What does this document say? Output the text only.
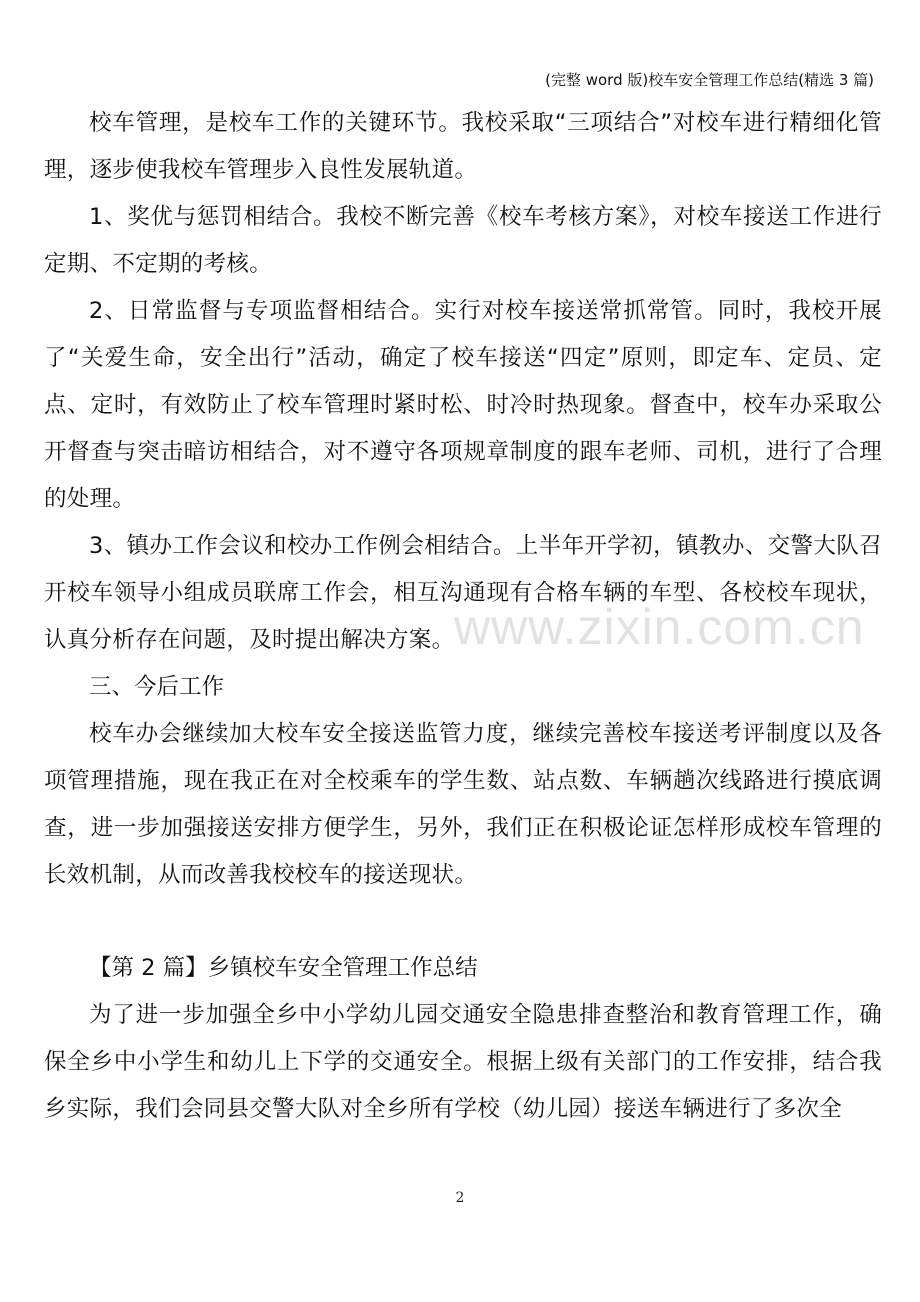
(完整 word 版)校车安全管理工作总结(精选 3 篇)
www.zixin.com.cn

校车管理，是校车工作的关键环节。我校采取“三项结合”对校车进行精细化管理，逐步使我校车管理步入良性发展轨道。

1、奖优与惩罚相结合。我校不断完善《校车考核方案》，对校车接送工作进行定期、不定期的考核。

2、日常监督与专项监督相结合。实行对校车接送常抓常管。同时，我校开展了“关爱生命，安全出行”活动，确定了校车接送“四定”原则，即定车、定员、定点、定时，有效防止了校车管理时紧时松、时冷时热现象。督查中，校车办采取公开督查与突击暗访相结合，对不遵守各项规章制度的跟车老师、司机，进行了合理的处理。

3、镇办工作会议和校办工作例会相结合。上半年开学初，镇教办、交警大队召开校车领导小组成员联席工作会，相互沟通现有合格车辆的车型、各校校车现状，认真分析存在问题，及时提出解决方案。

三、今后工作

校车办会继续加大校车安全接送监管力度，继续完善校车接送考评制度以及各项管理措施，现在我正在对全校乘车的学生数、站点数、车辆趟次线路进行摸底调查，进一步加强接送安排方便学生，另外，我们正在积极论证怎样形成校车管理的长效机制，从而改善我校校车的接送现状。

【第 2 篇】乡镇校车安全管理工作总结

为了进一步加强全乡中小学幼儿园交通安全隐患排查整治和教育管理工作，确保全乡中小学生和幼儿上下学的交通安全。根据上级有关部门的工作安排，结合我乡实际，我们会同县交警大队对全乡所有学校（幼儿园）接送车辆进行了多次全

2
